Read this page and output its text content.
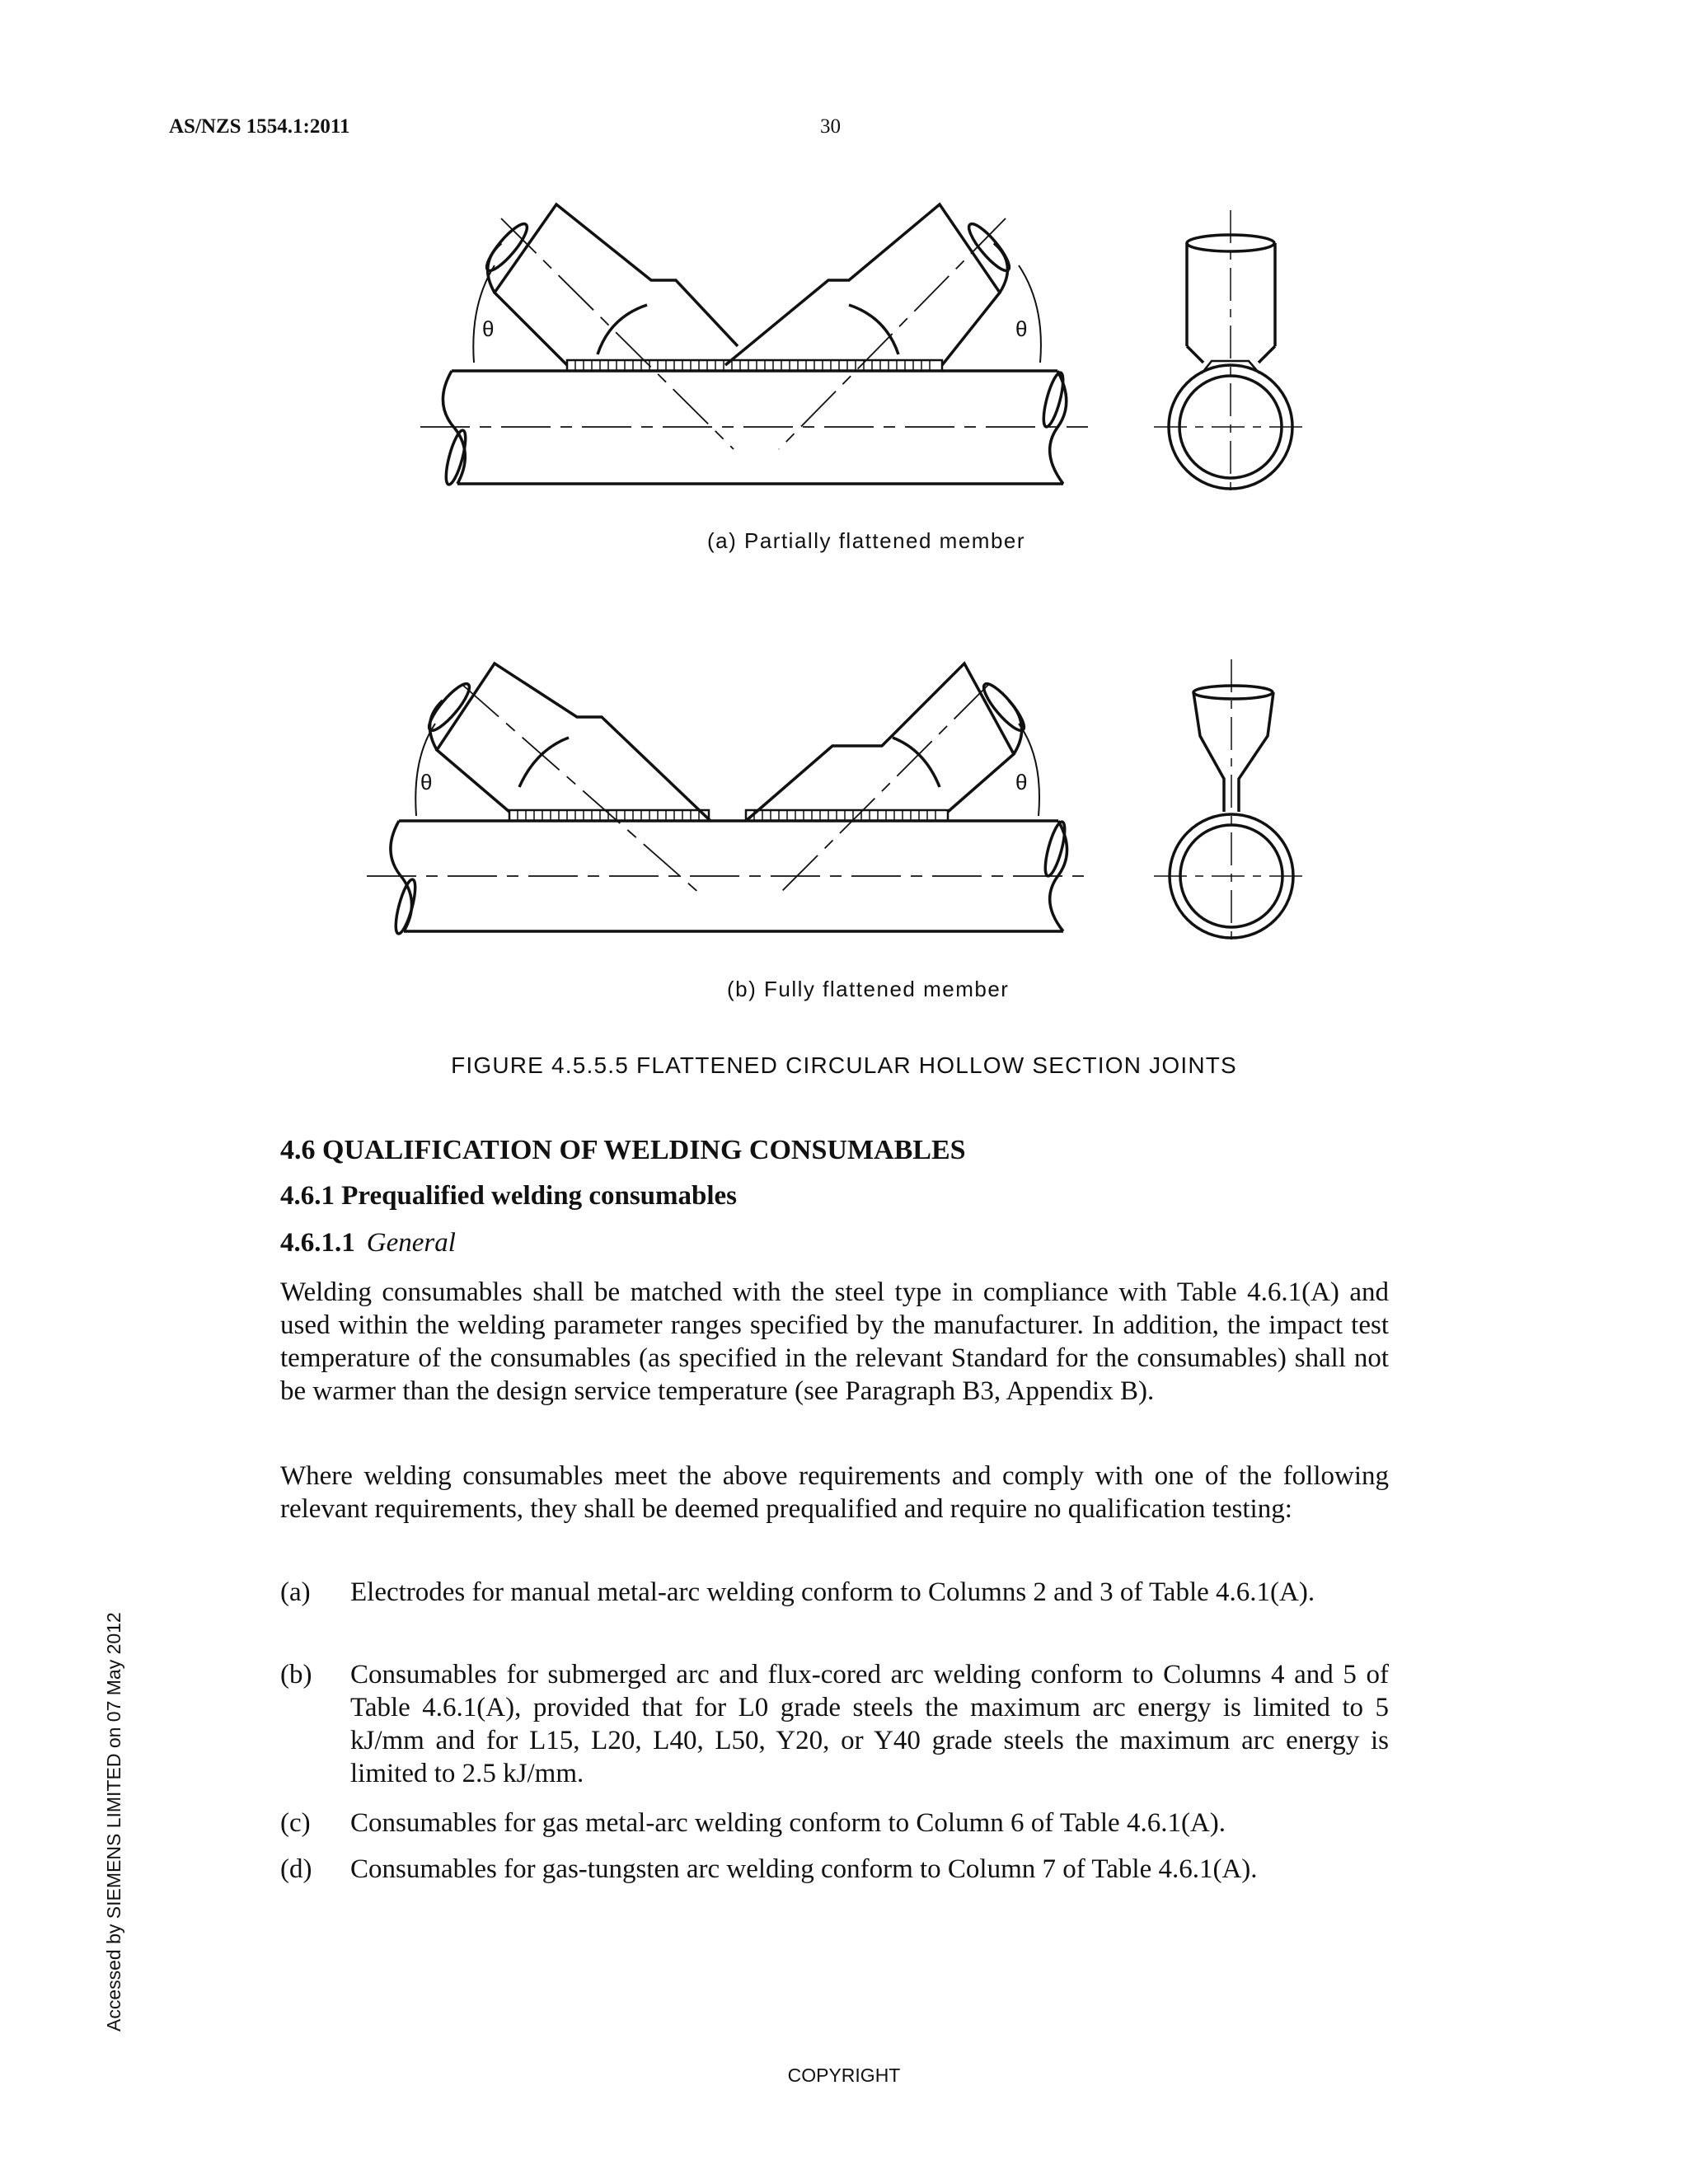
AS/NZS 1554.1:2011	30
θ	θ
(a) Partially flattened member
θ	θ
(b) Fully flattened member
FIGURE 4.5.5.5 FLATTENED CIRCULAR HOLLOW SECTION JOINTS
4.6 QUALIFICATION OF WELDING CONSUMABLES
4.6.1 Prequalified welding consumables
4.6.1.1 General
Welding consumables shall be matched with the steel type in compliance with Table 4.6.1(A) and used within the welding parameter ranges specified by the manufacturer. In addition, the impact test temperature of the consumables (as specified in the relevant Standard for the consumables) shall not be warmer than the design service temperature (see Paragraph B3, Appendix B).
Where welding consumables meet the above requirements and comply with one of the following relevant requirements, they shall be deemed prequalified and require no qualification testing:
(a) Electrodes for manual metal-arc welding conform to Columns 2 and 3 of Table 4.6.1(A).
(b) Consumables for submerged arc and flux-cored arc welding conform to Columns 4 and 5 of Table 4.6.1(A), provided that for L0 grade steels the maximum arc energy is limited to 5 kJ/mm and for L15, L20, L40, L50, Y20, or Y40 grade steels the maximum arc energy is limited to 2.5 kJ/mm.
(c) Consumables for gas metal-arc welding conform to Column 6 of Table 4.6.1(A).
(d) Consumables for gas-tungsten arc welding conform to Column 7 of Table 4.6.1(A).
Accessed by SIEMENS LIMITED on 07 May 2012
COPYRIGHT
